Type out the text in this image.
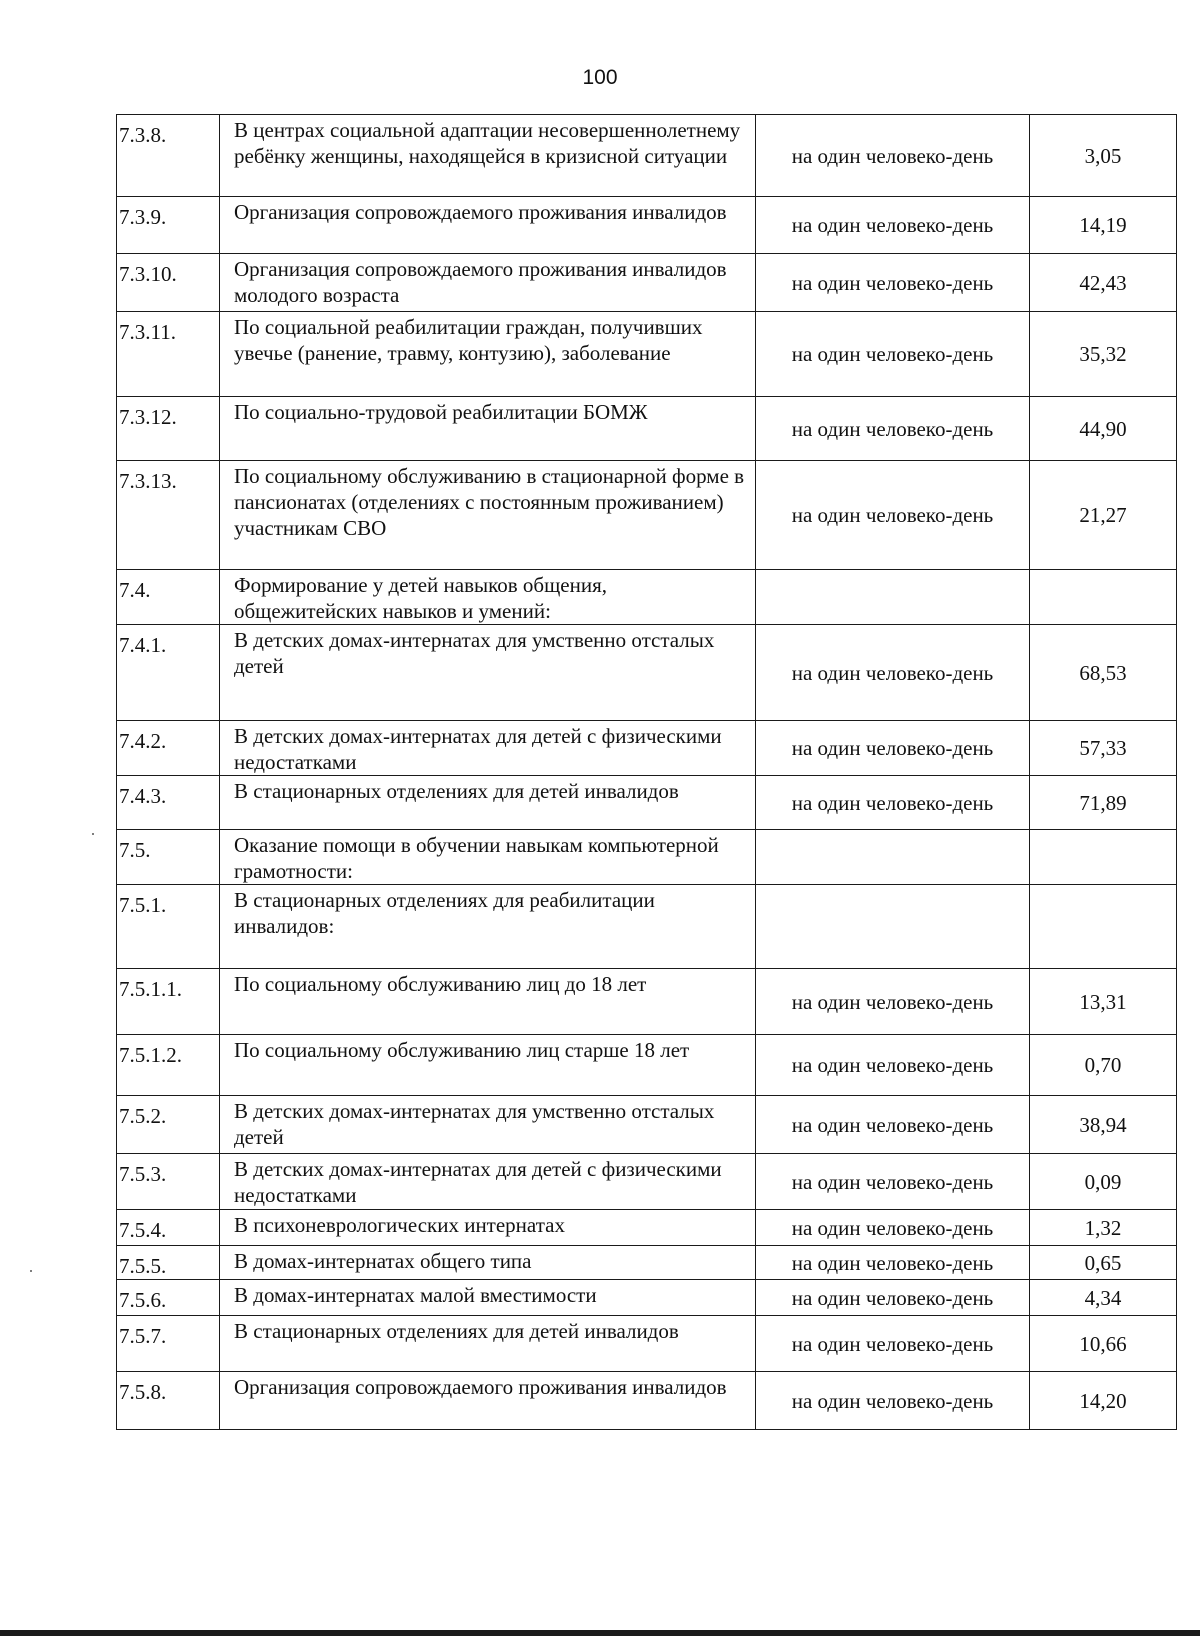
100
7.3.8.	В центрах социальной адаптации несовершеннолетнему ребёнку женщины, находящейся в кризисной ситуации	на один человеко-день	3,05
7.3.9.	Организация сопровождаемого проживания инвалидов	на один человеко-день	14,19
7.3.10.	Организация сопровождаемого проживания инвалидов молодого возраста	на один человеко-день	42,43
7.3.11.	По социальной реабилитации граждан, получивших увечье (ранение, травму, контузию), заболевание	на один человеко-день	35,32
7.3.12.	По социально-трудовой реабилитации БОМЖ	на один человеко-день	44,90
7.3.13.	По социальному обслуживанию в стационарной форме в пансионатах (отделениях с постоянным проживанием) участникам СВО	на один человеко-день	21,27
7.4.	Формирование у детей навыков общения, общежитейских навыков и умений:		
7.4.1.	В детских домах-интернатах для умственно отсталых детей	на один человеко-день	68,53
7.4.2.	В детских домах-интернатах для детей с физическими недостатками	на один человеко-день	57,33
7.4.3.	В стационарных отделениях для детей инвалидов	на один человеко-день	71,89
7.5.	Оказание помощи в обучении навыкам компьютерной грамотности:		
7.5.1.	В стационарных отделениях для реабилитации инвалидов:		
7.5.1.1.	По социальному обслуживанию лиц до 18 лет	на один человеко-день	13,31
7.5.1.2.	По социальному обслуживанию лиц старше 18 лет	на один человеко-день	0,70
7.5.2.	В детских домах-интернатах для умственно отсталых детей	на один человеко-день	38,94
7.5.3.	В детских домах-интернатах для детей с физическими недостатками	на один человеко-день	0,09
7.5.4.	В психоневрологических интернатах	на один человеко-день	1,32
7.5.5.	В домах-интернатах общего типа	на один человеко-день	0,65
7.5.6.	В домах-интернатах малой вместимости	на один человеко-день	4,34
7.5.7.	В стационарных отделениях для детей инвалидов	на один человеко-день	10,66
7.5.8.	Организация сопровождаемого проживания инвалидов	на один человеко-день	14,20
